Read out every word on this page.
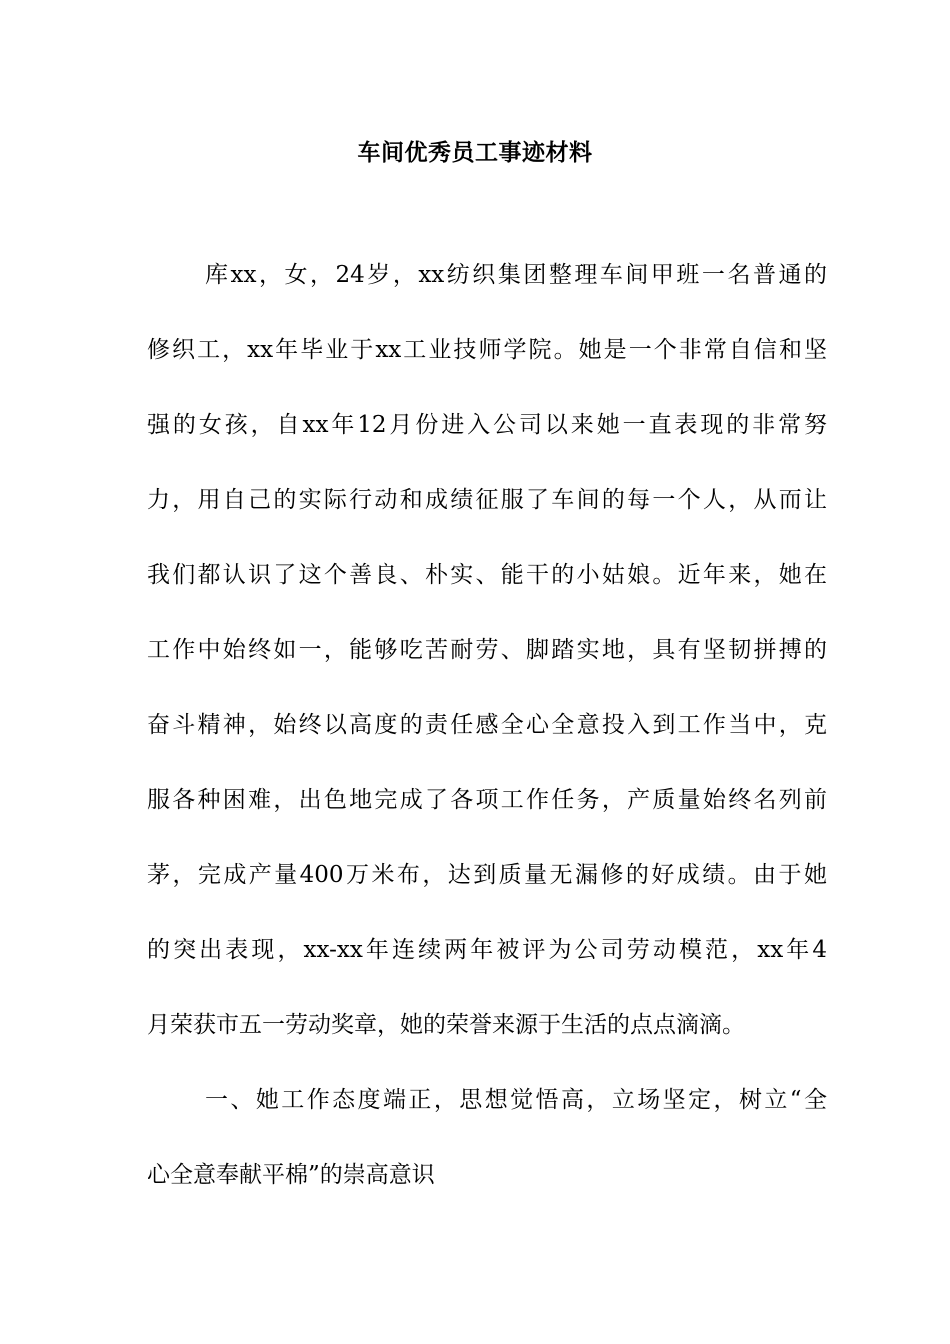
车间优秀员工事迹材料

库xx，女，24岁，xx纺织集团整理车间甲班一名普通的

修织工，xx年毕业于xx工业技师学院。她是一个非常自信和坚

强的女孩，自xx年12月份进入公司以来她一直表现的非常努

力，用自己的实际行动和成绩征服了车间的每一个人，从而让

我们都认识了这个善良、朴实、能干的小姑娘。近年来，她在

工作中始终如一，能够吃苦耐劳、脚踏实地，具有坚韧拼搏的

奋斗精神，始终以高度的责任感全心全意投入到工作当中，克

服各种困难，出色地完成了各项工作任务，产质量始终名列前

茅，完成产量400万米布，达到质量无漏修的好成绩。由于她

的突出表现，xx-xx年连续两年被评为公司劳动模范，xx年4

月荣获市五一劳动奖章，她的荣誉来源于生活的点点滴滴。

一、她工作态度端正，思想觉悟高，立场坚定，树立“全

心全意奉献平棉”的崇高意识
